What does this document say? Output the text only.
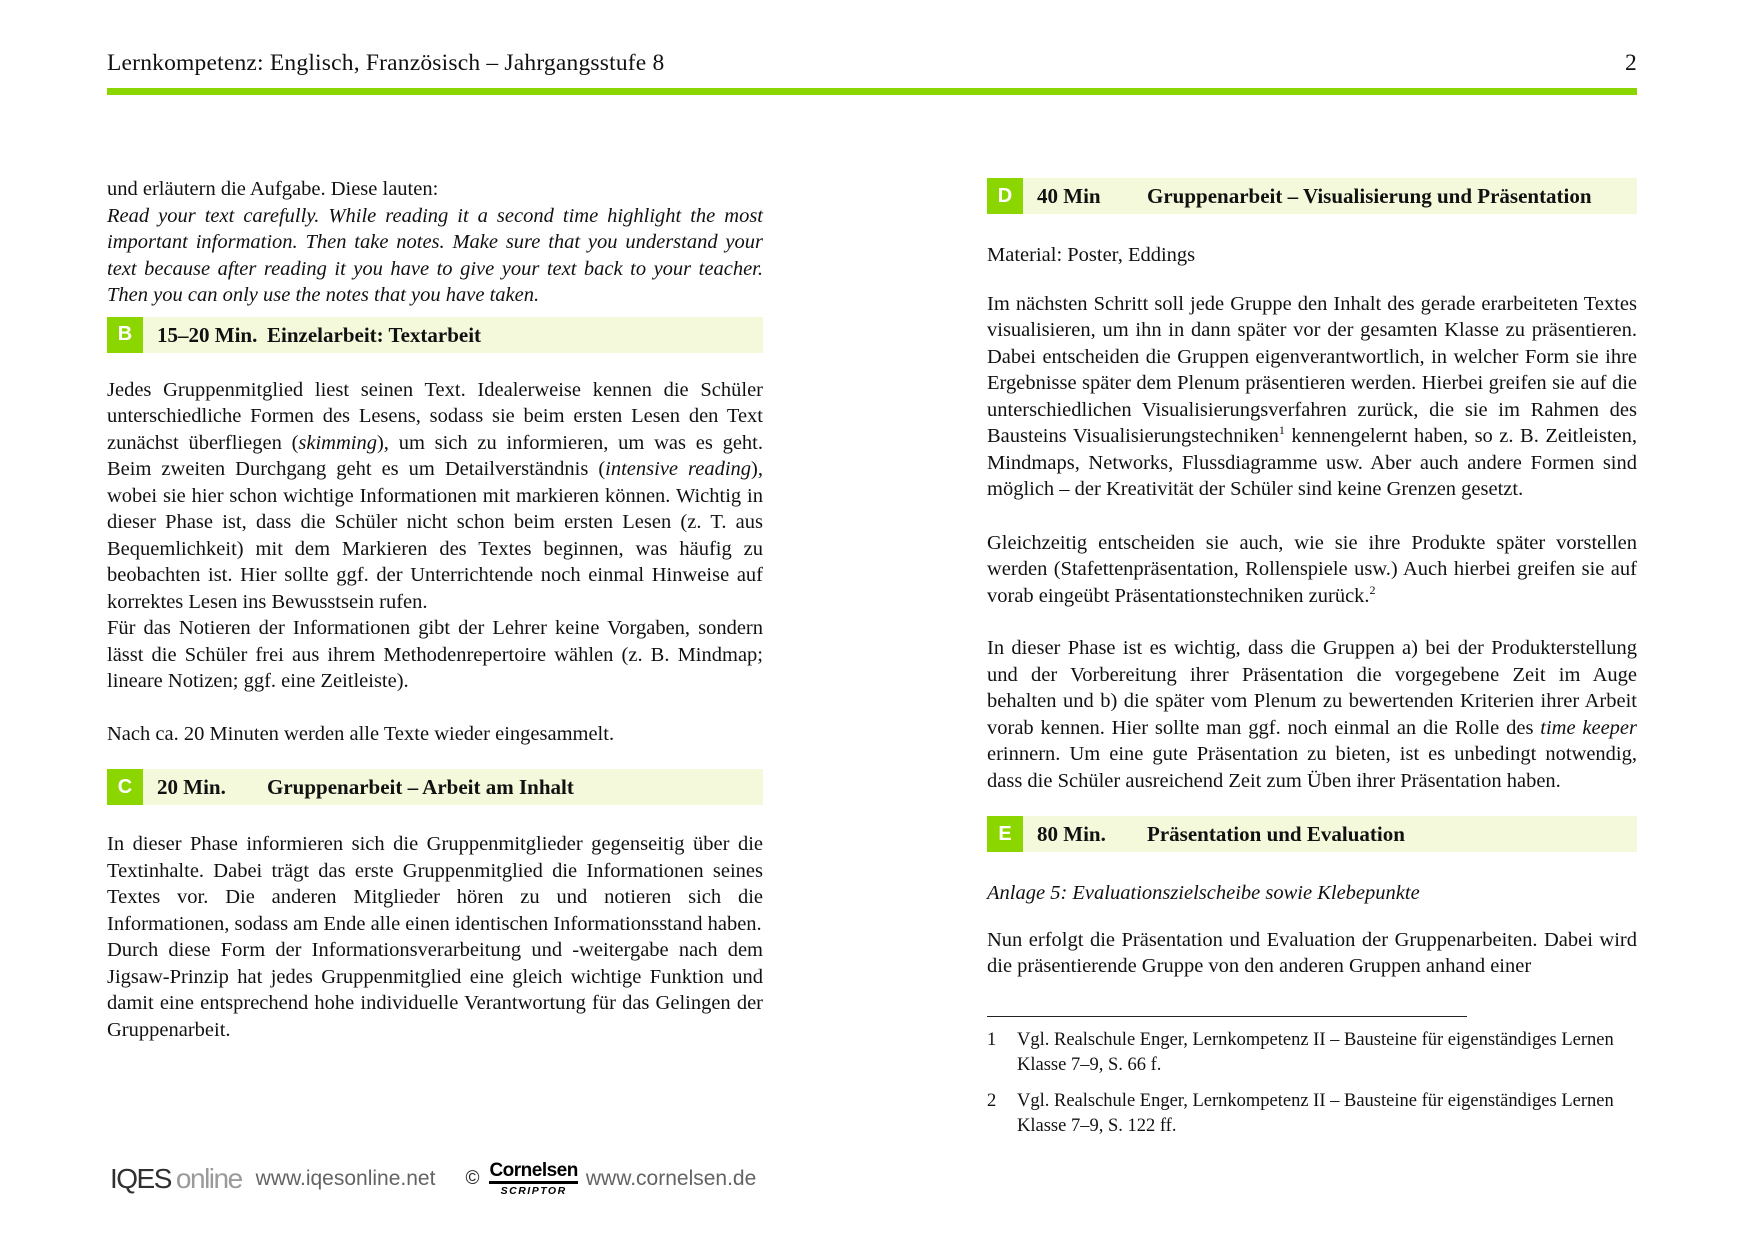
Lernkompetenz: Englisch, Französisch – Jahrgangsstufe 8	2

und erläutern die Aufgabe. Diese lauten:
Read your text carefully. While reading it a second time highlight the most important information. Then take notes. Make sure that you understand your text because after reading it you have to give your text back to your teacher. Then you can only use the notes that you have taken.

B	15–20 Min. Einzelarbeit: Textarbeit

Jedes Gruppenmitglied liest seinen Text. Idealerweise kennen die Schüler unterschiedliche Formen des Lesens, sodass sie beim ersten Lesen den Text zunächst überfliegen (skimming), um sich zu informieren, um was es geht. Beim zweiten Durchgang geht es um Detailverständnis (intensive reading), wobei sie hier schon wichtige Informationen mit markieren können. Wichtig in dieser Phase ist, dass die Schüler nicht schon beim ersten Lesen (z. T. aus Bequemlichkeit) mit dem Markieren des Textes beginnen, was häufig zu beobachten ist. Hier sollte ggf. der Unterrichtende noch einmal Hinweise auf korrektes Lesen ins Bewusstsein rufen.
Für das Notieren der Informationen gibt der Lehrer keine Vorgaben, sondern lässt die Schüler frei aus ihrem Methodenrepertoire wählen (z. B. Mindmap; lineare Notizen; ggf. eine Zeitleiste).

Nach ca. 20 Minuten werden alle Texte wieder eingesammelt.

C	20 Min. Gruppenarbeit – Arbeit am Inhalt

In dieser Phase informieren sich die Gruppenmitglieder gegenseitig über die Textinhalte. Dabei trägt das erste Gruppenmitglied die Informationen seines Textes vor. Die anderen Mitglieder hören zu und notieren sich die Informationen, sodass am Ende alle einen identischen Informationsstand haben.
Durch diese Form der Informationsverarbeitung und -weitergabe nach dem Jigsaw-Prinzip hat jedes Gruppenmitglied eine gleich wichtige Funktion und damit eine entsprechend hohe individuelle Verantwortung für das Gelingen der Gruppenarbeit.

D	40 Min Gruppenarbeit – Visualisierung und Präsentation

Material: Poster, Eddings

Im nächsten Schritt soll jede Gruppe den Inhalt des gerade erarbeiteten Textes visualisieren, um ihn in dann später vor der gesamten Klasse zu präsentieren. Dabei entscheiden die Gruppen eigenverantwortlich, in welcher Form sie ihre Ergebnisse später dem Plenum präsentieren werden. Hierbei greifen sie auf die unterschiedlichen Visualisierungsverfahren zurück, die sie im Rahmen des Bausteins Visualisierungstechniken$^1$ kennengelernt haben, so z. B. Zeitleisten, Mindmaps, Networks, Flussdiagramme usw. Aber auch andere Formen sind möglich – der Kreativität der Schüler sind keine Grenzen gesetzt.

Gleichzeitig entscheiden sie auch, wie sie ihre Produkte später vorstellen werden (Stafettenpräsentation, Rollenspiele usw.) Auch hierbei greifen sie auf vorab eingeübt Präsentationstechniken zurück.$^2$

In dieser Phase ist es wichtig, dass die Gruppen a) bei der Produkterstellung und der Vorbereitung ihrer Präsentation die vorgegebene Zeit im Auge behalten und b) die später vom Plenum zu bewertenden Kriterien ihrer Arbeit vorab kennen. Hier sollte man ggf. noch einmal an die Rolle des time keeper erinnern. Um eine gute Präsentation zu bieten, ist es unbedingt notwendig, dass die Schüler ausreichend Zeit zum Üben ihrer Präsentation haben.

E	80 Min. Präsentation und Evaluation

Anlage 5: Evaluationszielscheibe sowie Klebepunkte

Nun erfolgt die Präsentation und Evaluation der Gruppenarbeiten. Dabei wird die präsentierende Gruppe von den anderen Gruppen anhand einer

1	Vgl. Realschule Enger, Lernkompetenz II – Bausteine für eigenständiges Lernen Klasse 7–9, S. 66 f.
2	Vgl. Realschule Enger, Lernkompetenz II – Bausteine für eigenständiges Lernen Klasse 7–9, S. 122 ff.
IQES online www.iqesonline.net © Cornelsen
SCRIPTOR
www.cornelsen.de
